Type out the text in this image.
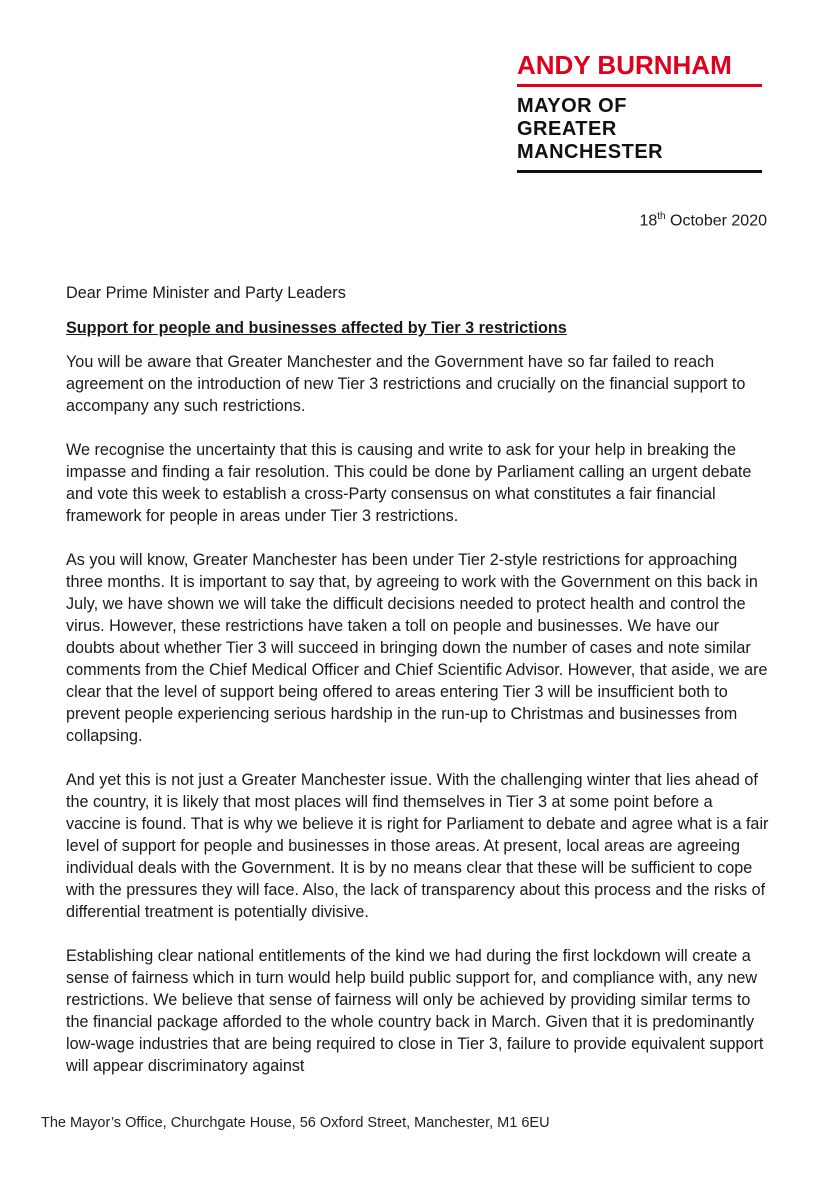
ANDY BURNHAM
MAYOR OF
GREATER
MANCHESTER
18th October 2020

Dear Prime Minister and Party Leaders

Support for people and businesses affected by Tier 3 restrictions

You will be aware that Greater Manchester and the Government have so far failed to reach agreement on the introduction of new Tier 3 restrictions and crucially on the financial support to accompany any such restrictions.

We recognise the uncertainty that this is causing and write to ask for your help in breaking the impasse and finding a fair resolution. This could be done by Parliament calling an urgent debate and vote this week to establish a cross-Party consensus on what constitutes a fair financial framework for people in areas under Tier 3 restrictions.

As you will know, Greater Manchester has been under Tier 2-style restrictions for approaching three months. It is important to say that, by agreeing to work with the Government on this back in July, we have shown we will take the difficult decisions needed to protect health and control the virus. However, these restrictions have taken a toll on people and businesses. We have our doubts about whether Tier 3 will succeed in bringing down the number of cases and note similar comments from the Chief Medical Officer and Chief Scientific Advisor. However, that aside, we are clear that the level of support being offered to areas entering Tier 3 will be insufficient both to prevent people experiencing serious hardship in the run-up to Christmas and businesses from collapsing.

And yet this is not just a Greater Manchester issue. With the challenging winter that lies ahead of the country, it is likely that most places will find themselves in Tier 3 at some point before a vaccine is found. That is why we believe it is right for Parliament to debate and agree what is a fair level of support for people and businesses in those areas. At present, local areas are agreeing individual deals with the Government. It is by no means clear that these will be sufficient to cope with the pressures they will face. Also, the lack of transparency about this process and the risks of differential treatment is potentially divisive.

Establishing clear national entitlements of the kind we had during the first lockdown will create a sense of fairness which in turn would help build public support for, and compliance with, any new restrictions. We believe that sense of fairness will only be achieved by providing similar terms to the financial package afforded to the whole country back in March. Given that it is predominantly low-wage industries that are being required to close in Tier 3, failure to provide equivalent support will appear discriminatory against

The Mayor’s Office, Churchgate House, 56 Oxford Street, Manchester, M1 6EU
